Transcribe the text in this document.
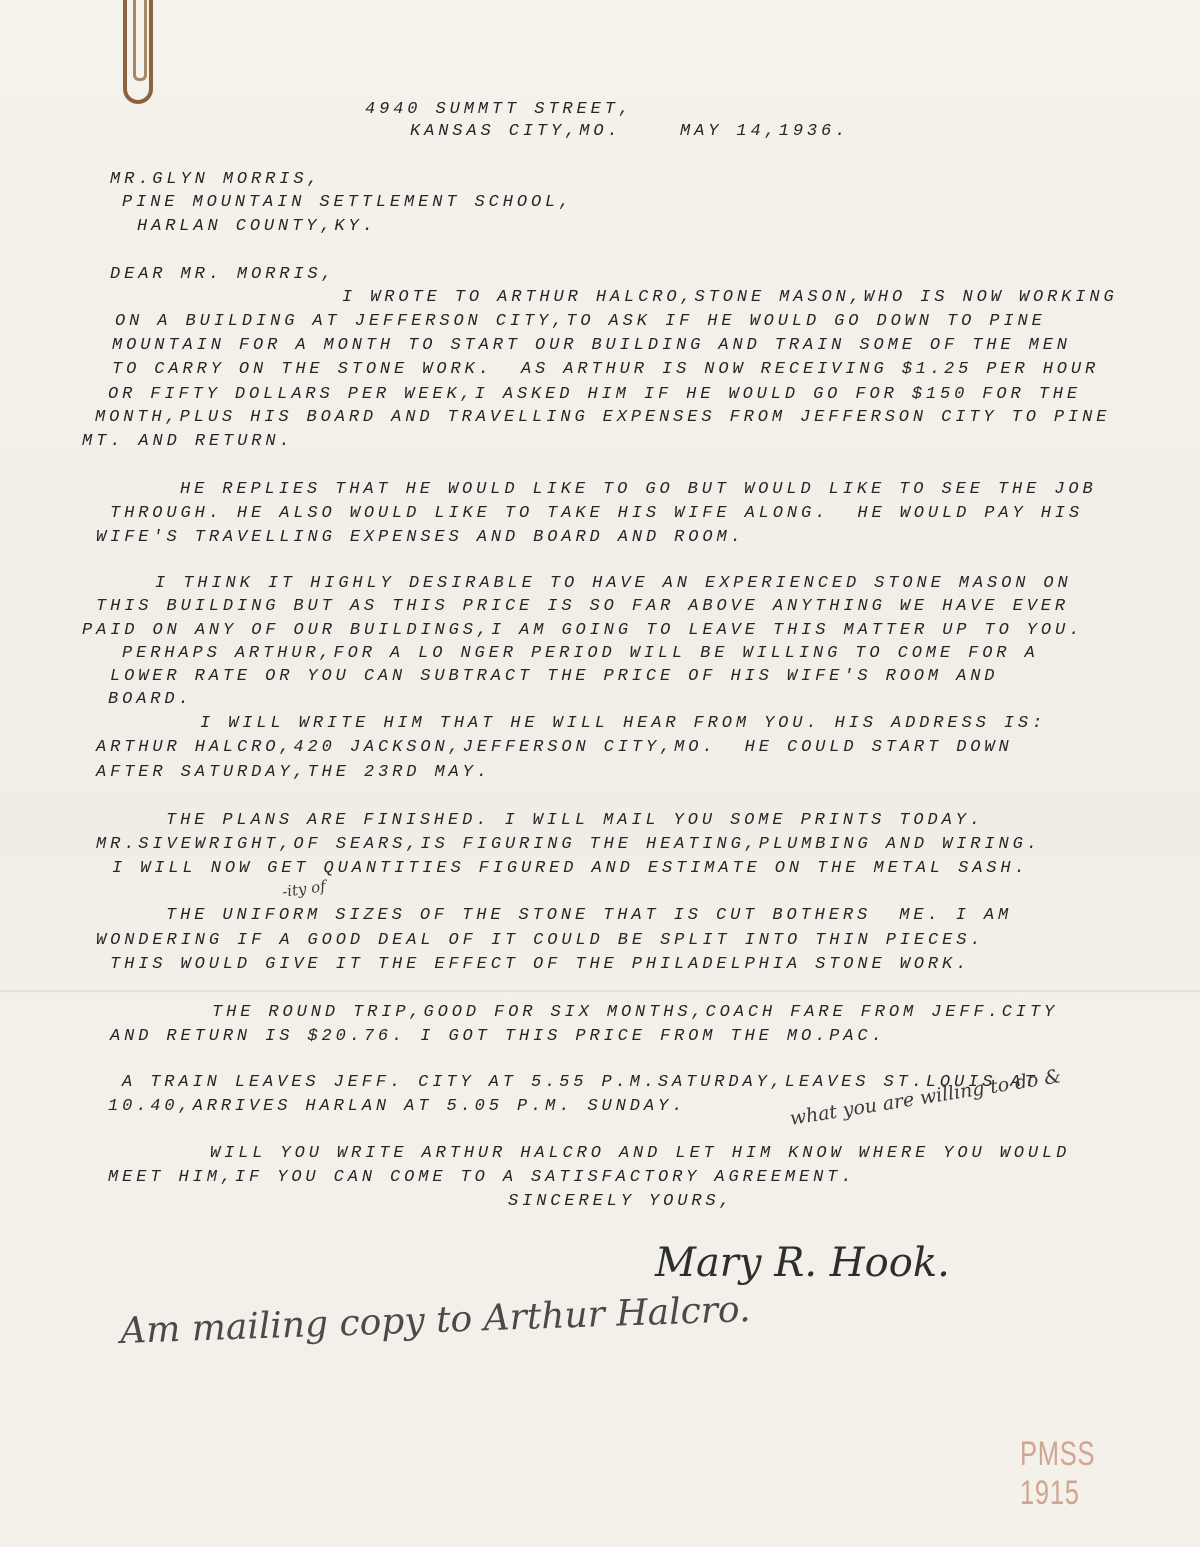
4940 SUMMTT STREET,
KANSAS CITY,MO.	MAY 14,1936.
MR.GLYN MORRIS,
PINE MOUNTAIN SETTLEMENT SCHOOL,
HARLAN COUNTY,KY.
DEAR MR. MORRIS,
I WROTE TO ARTHUR HALCRO,STONE MASON,WHO IS NOW WORKING
ON A BUILDING AT JEFFERSON CITY,TO ASK IF HE WOULD GO DOWN TO PINE
MOUNTAIN FOR A MONTH TO START OUR BUILDING AND TRAIN SOME OF THE MEN
TO CARRY ON THE STONE WORK.  AS ARTHUR IS NOW RECEIVING $1.25 PER HOUR
OR FIFTY DOLLARS PER WEEK,I ASKED HIM IF HE WOULD GO FOR $150 FOR THE
MONTH,PLUS HIS BOARD AND TRAVELLING EXPENSES FROM JEFFERSON CITY TO PINE
MT. AND RETURN.
HE REPLIES THAT HE WOULD LIKE TO GO BUT WOULD LIKE TO SEE THE JOB
THROUGH. HE ALSO WOULD LIKE TO TAKE HIS WIFE ALONG.  HE WOULD PAY HIS
WIFE'S TRAVELLING EXPENSES AND BOARD AND ROOM.
I THINK IT HIGHLY DESIRABLE TO HAVE AN EXPERIENCED STONE MASON ON
THIS BUILDING BUT AS THIS PRICE IS SO FAR ABOVE ANYTHING WE HAVE EVER
PAID ON ANY OF OUR BUILDINGS,I AM GOING TO LEAVE THIS MATTER UP TO YOU.
PERHAPS ARTHUR,FOR A LO NGER PERIOD WILL BE WILLING TO COME FOR A
LOWER RATE OR YOU CAN SUBTRACT THE PRICE OF HIS WIFE'S ROOM AND
BOARD.
I WILL WRITE HIM THAT HE WILL HEAR FROM YOU. HIS ADDRESS IS:
ARTHUR HALCRO,420 JACKSON,JEFFERSON CITY,MO.  HE COULD START DOWN
AFTER SATURDAY,THE 23RD MAY.
THE PLANS ARE FINISHED. I WILL MAIL YOU SOME PRINTS TODAY.
MR.SIVEWRIGHT,OF SEARS,IS FIGURING THE HEATING,PLUMBING AND WIRING.
I WILL NOW GET QUANTITIES FIGURED AND ESTIMATE ON THE METAL SASH.
THE UNIFORM SIZES OF THE STONE THAT IS CUT BOTHERS  ME. I AM
WONDERING IF A GOOD DEAL OF IT COULD BE SPLIT INTO THIN PIECES.
THIS WOULD GIVE IT THE EFFECT OF THE PHILADELPHIA STONE WORK.
THE ROUND TRIP,GOOD FOR SIX MONTHS,COACH FARE FROM JEFF.CITY
AND RETURN IS $20.76. I GOT THIS PRICE FROM THE MO.PAC.
A TRAIN LEAVES JEFF. CITY AT 5.55 P.M.SATURDAY,LEAVES ST.LOUIS AT
10.40,ARRIVES HARLAN AT 5.05 P.M. SUNDAY.
WILL YOU WRITE ARTHUR HALCRO AND LET HIM KNOW WHERE YOU WOULD
MEET HIM,IF YOU CAN COME TO A SATISFACTORY AGREEMENT.
SINCERELY YOURS,
-ity of
what you are willing to do &
Mary R. Hook.
Am mailing copy to Arthur Halcro.
PMSS 1915
